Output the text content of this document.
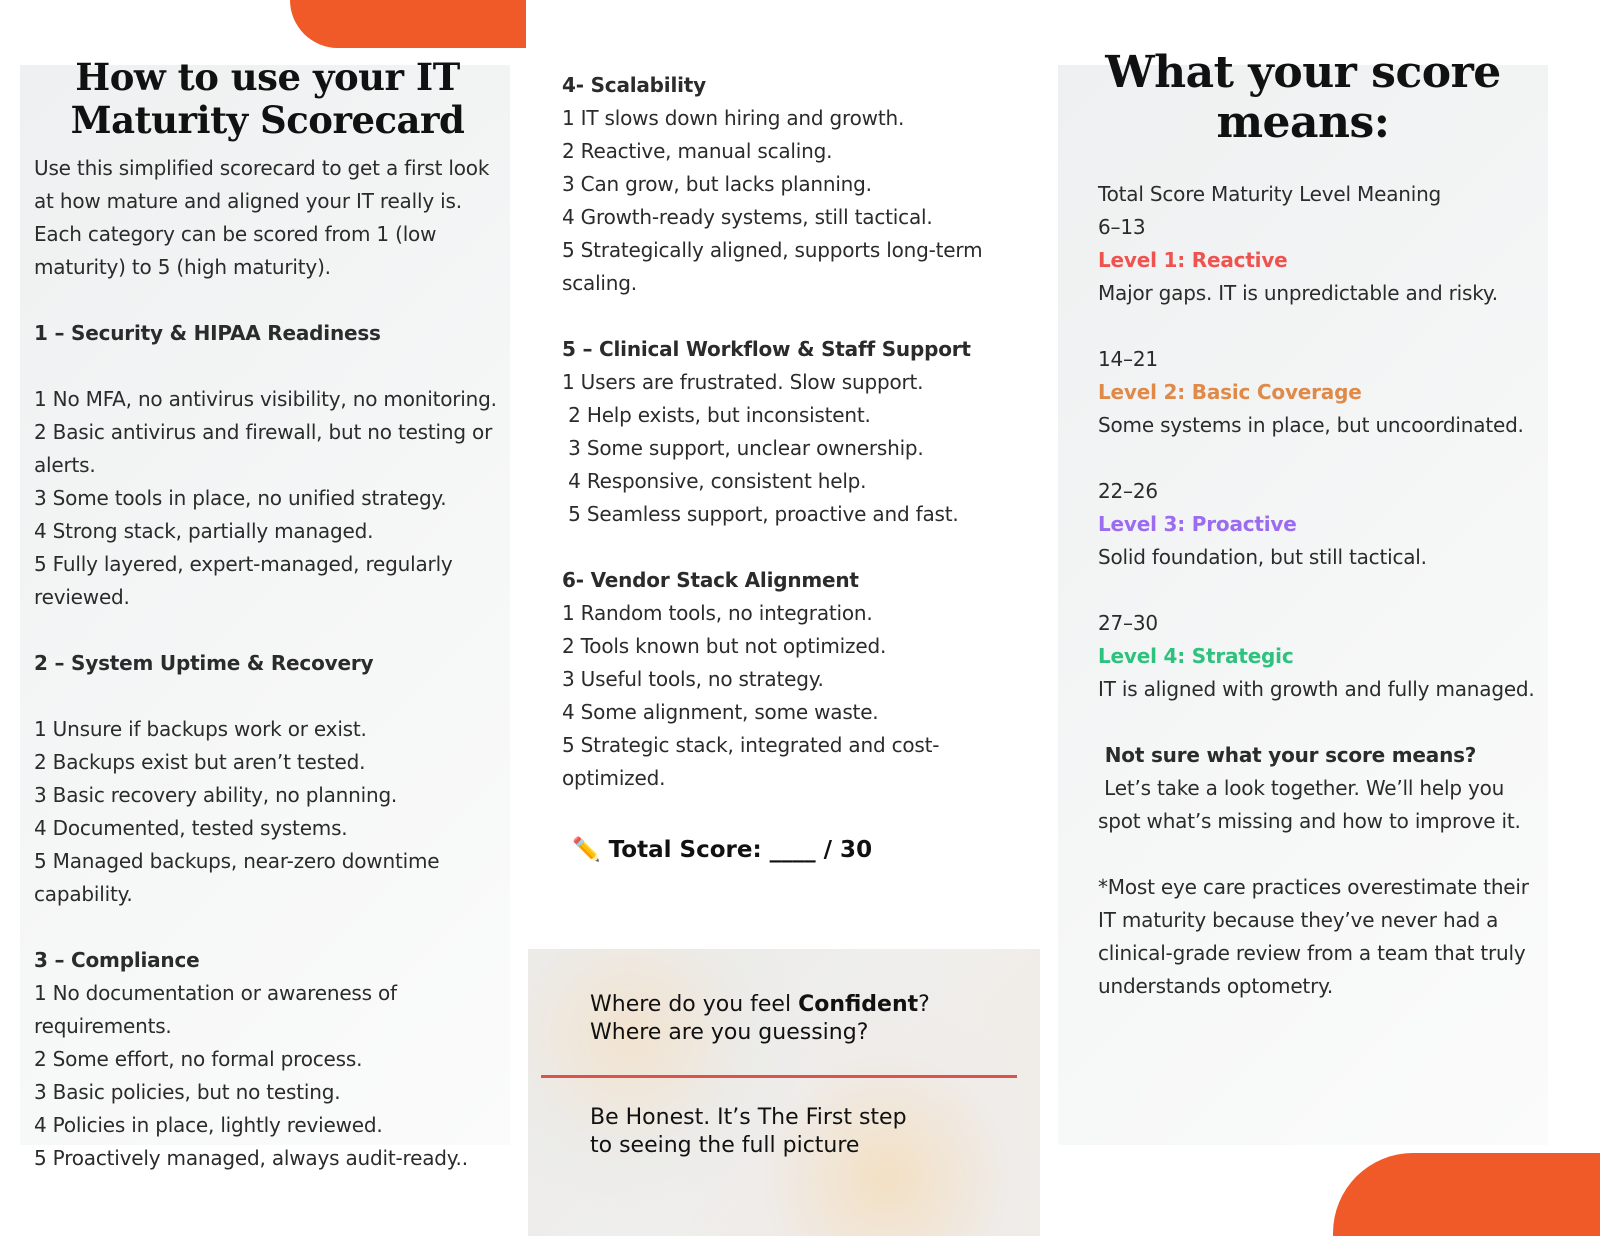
How to use your IT Maturity Scorecard
Use this simplified scorecard to get a first look at how mature and aligned your IT really is. Each category can be scored from 1 (low maturity) to 5 (high maturity).
1 – Security & HIPAA Readiness
1 No MFA, no antivirus visibility, no monitoring.
2 Basic antivirus and firewall, but no testing or alerts.
3 Some tools in place, no unified strategy.
4 Strong stack, partially managed.
5 Fully layered, expert-managed, regularly reviewed.
2 – System Uptime & Recovery
1 Unsure if backups work or exist.
2 Backups exist but aren’t tested.
3 Basic recovery ability, no planning.
4 Documented, tested systems.
5 Managed backups, near-zero downtime capability.
3 – Compliance
1 No documentation or awareness of requirements.
2 Some effort, no formal process.
3 Basic policies, but no testing.
4 Policies in place, lightly reviewed.
5 Proactively managed, always audit-ready..
4- Scalability
1 IT slows down hiring and growth.
2 Reactive, manual scaling.
3 Can grow, but lacks planning.
4 Growth-ready systems, still tactical.
5 Strategically aligned, supports long-term scaling.
5 – Clinical Workflow & Staff Support
1 Users are frustrated. Slow support.
2 Help exists, but inconsistent.
3 Some support, unclear ownership.
4 Responsive, consistent help.
5 Seamless support, proactive and fast.
6- Vendor Stack Alignment
1 Random tools, no integration.
2 Tools known but not optimized.
3 Useful tools, no strategy.
4 Some alignment, some waste.
5 Strategic stack, integrated and cost-optimized.
✏️ Total Score: ____ / 30
Where do you feel Confident?
Where are you guessing?
Be Honest. It’s The First step
to seeing the full picture
What your score means:
Total Score Maturity Level Meaning
6–13
Level 1: Reactive
Major gaps. IT is unpredictable and risky.
14–21
Level 2: Basic Coverage
Some systems in place, but uncoordinated.
22–26
Level 3: Proactive
Solid foundation, but still tactical.
27–30
Level 4: Strategic
IT is aligned with growth and fully managed.
Not sure what your score means?
Let’s take a look together. We’ll help you spot what’s missing and how to improve it.
*Most eye care practices overestimate their IT maturity because they’ve never had a clinical-grade review from a team that truly understands optometry.
